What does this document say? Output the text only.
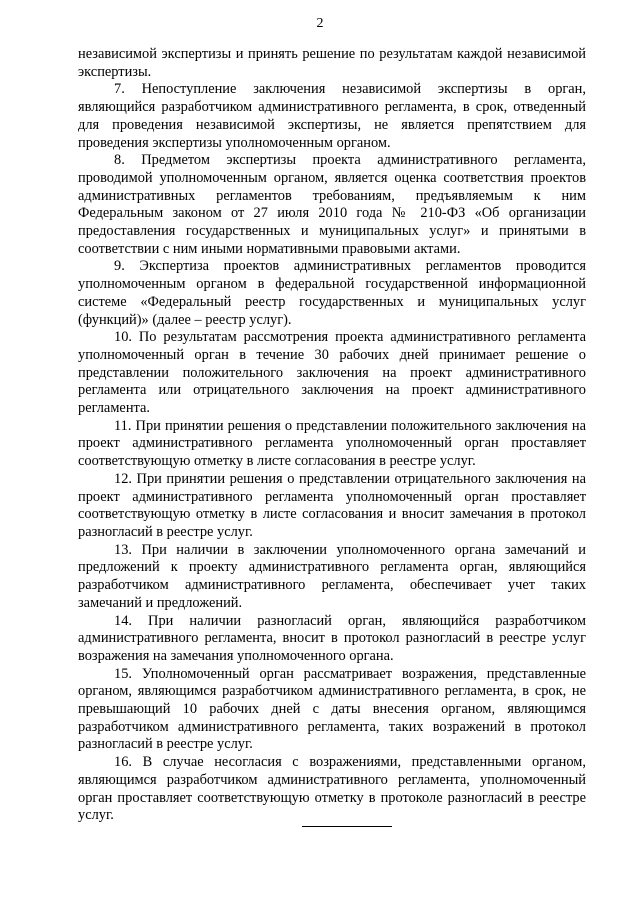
2

независимой экспертизы и принять решение по результатам каждой независимой экспертизы.

7. Непоступление заключения независимой экспертизы в орган, являющийся разработчиком административного регламента, в срок, отведенный для проведения независимой экспертизы, не является препятствием для проведения экспертизы уполномоченным органом.

8. Предметом экспертизы проекта административного регламента, проводимой уполномоченным органом, является оценка соответствия проектов административных регламентов требованиям, предъявляемым к ним Федеральным законом от 27 июля 2010 года № 210-ФЗ «Об организации предоставления государственных и муниципальных услуг» и принятыми в соответствии с ним иными нормативными правовыми актами.

9. Экспертиза проектов административных регламентов проводится уполномоченным органом в федеральной государственной информационной системе «Федеральный реестр государственных и муниципальных услуг (функций)» (далее – реестр услуг).

10. По результатам рассмотрения проекта административного регламента уполномоченный орган в течение 30 рабочих дней принимает решение о представлении положительного заключения на проект административного регламента или отрицательного заключения на проект административного регламента.

11. При принятии решения о представлении положительного заключения на проект административного регламента уполномоченный орган проставляет соответствующую отметку в листе согласования в реестре услуг.

12. При принятии решения о представлении отрицательного заключения на проект административного регламента уполномоченный орган проставляет соответствующую отметку в листе согласования и вносит замечания в протокол разногласий в реестре услуг.

13. При наличии в заключении уполномоченного органа замечаний и предложений к проекту административного регламента орган, являющийся разработчиком административного регламента, обеспечивает учет таких замечаний и предложений.

14. При наличии разногласий орган, являющийся разработчиком административного регламента, вносит в протокол разногласий в реестре услуг возражения на замечания уполномоченного органа.

15. Уполномоченный орган рассматривает возражения, представленные органом, являющимся разработчиком административного регламента, в срок, не превышающий 10 рабочих дней с даты внесения органом, являющимся разработчиком административного регламента, таких возражений в протокол разногласий в реестре услуг.

16. В случае несогласия с возражениями, представленными органом, являющимся разработчиком административного регламента, уполномоченный орган проставляет соответствующую отметку в протоколе разногласий в реестре услуг.
